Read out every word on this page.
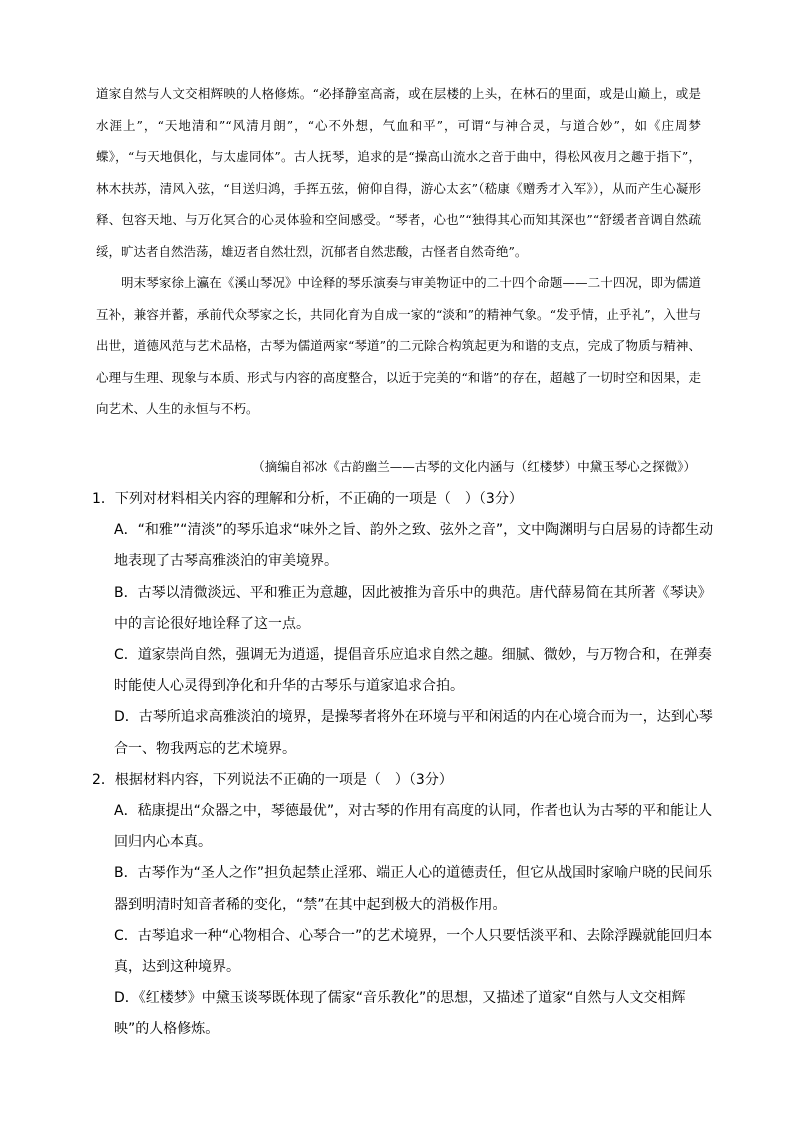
道家自然与人文交相辉映的人格修炼。“必择静室高斋，或在层楼的上头，在林石的里面，或是山巅上，或是水涯上”，“天地清和”“风清月朗”，“心不外想，气血和平”，可谓“与神合灵，与道合妙”，如《庄周梦蝶》，“与天地俱化，与太虚同体”。古人抚琴，追求的是“操高山流水之音于曲中，得松风夜月之趣于指下”，林木扶苏，清风入弦，“目送归鸿，手挥五弦，俯仰自得，游心太玄”（嵇康《赠秀才入军》），从而产生心凝形释、包容天地、与万化冥合的心灵体验和空间感受。“琴者，心也”“独得其心而知其深也”“舒缓者音调自然疏绥，旷达者自然浩荡，雄迈者自然壮烈，沉郁者自然悲酸，古怪者自然奇绝”。

明末琴家徐上瀛在《溪山琴况》中诠释的琴乐演奏与审美物证中的二十四个命题——二十四况，即为儒道互补，兼容并蓄，承前代众琴家之长，共同化育为自成一家的“淡和”的精神气象。“发乎情，止乎礼”，入世与出世，道德风范与艺术品格，古琴为儒道两家“琴道”的二元除合构筑起更为和谐的支点，完成了物质与精神、心理与生理、现象与本质、形式与内容的高度整合，以近于完美的“和谐”的存在，超越了一切时空和因果，走向艺术、人生的永恒与不朽。

（摘编自祁冰《古韵幽兰——古琴的文化内涵与（红楼梦）中黛玉琴心之探微》）

1．下列对材料相关内容的理解和分析，不正确的一项是（　）（3分）

A．“和雅”“清淡”的琴乐追求“味外之旨、韵外之致、弦外之音”，文中陶渊明与白居易的诗都生动地表现了古琴高雅淡泊的审美境界。

B．古琴以清微淡远、平和雅正为意趣，因此被推为音乐中的典范。唐代薛易简在其所著《琴诀》中的言论很好地诠释了这一点。

C．道家崇尚自然，强调无为逍遥，提倡音乐应追求自然之趣。细腻、微妙，与万物合和，在弹奏时能使人心灵得到净化和升华的古琴乐与道家追求合拍。

D．古琴所追求高雅淡泊的境界，是操琴者将外在环境与平和闲适的内在心境合而为一，达到心琴合一、物我两忘的艺术境界。

2．根据材料内容，下列说法不正确的一项是（　）（3分）

A．嵇康提出“众器之中，琴德最优”，对古琴的作用有高度的认同，作者也认为古琴的平和能让人回归内心本真。

B．古琴作为“圣人之作”担负起禁止淫邪、端正人心的道德责任，但它从战国时家喻户晓的民间乐器到明清时知音者稀的变化，“禁”在其中起到极大的消极作用。

C．古琴追求一种“心物相合、心琴合一”的艺术境界，一个人只要恬淡平和、去除浮躁就能回归本真，达到这种境界。

D．《红楼梦》中黛玉谈琴既体现了儒家“音乐教化”的思想，又描述了道家“自然与人文交相辉映”的人格修炼。
